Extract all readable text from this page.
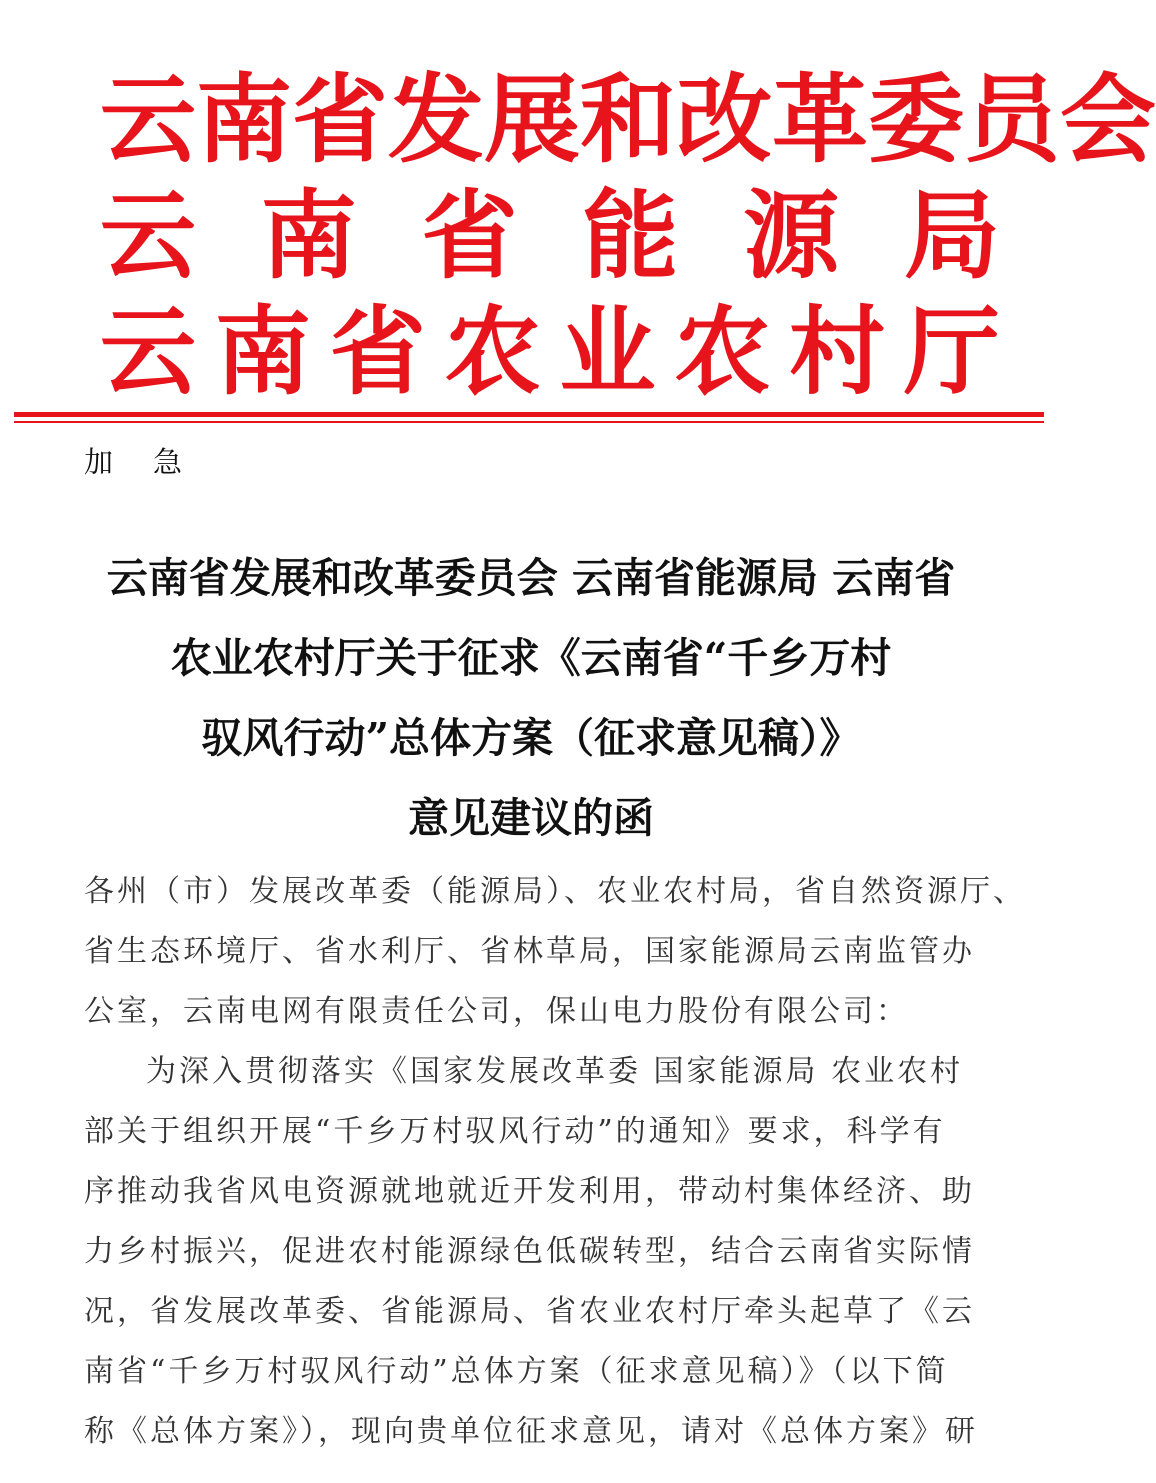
云 南 省 发 展 和 改 革 委 员 会
云 南 省 能 源 局
云 南 省 农 业 农 村 厅
加急
云南省发展和改革委员会 云南省能源局 云南省
农业农村厅关于征求《云南省“千乡万村
驭风行动”总体方案（征求意见稿）》
意见建议的函
各州（市）发展改革委（能源局）、农业农村局，省自然资源厅、
省生态环境厅、省水利厅、省林草局，国家能源局云南监管办
公室，云南电网有限责任公司，保山电力股份有限公司：
为深入贯彻落实《国家发展改革委 国家能源局 农业农村
部关于组织开展“千乡万村驭风行动”的通知》要求，科学有
序推动我省风电资源就地就近开发利用，带动村集体经济、助
力乡村振兴，促进农村能源绿色低碳转型，结合云南省实际情
况，省发展改革委、省能源局、省农业农村厅牵头起草了《云
南省“千乡万村驭风行动”总体方案（征求意见稿）》（以下简
称《总体方案》），现向贵单位征求意见，请对《总体方案》研
